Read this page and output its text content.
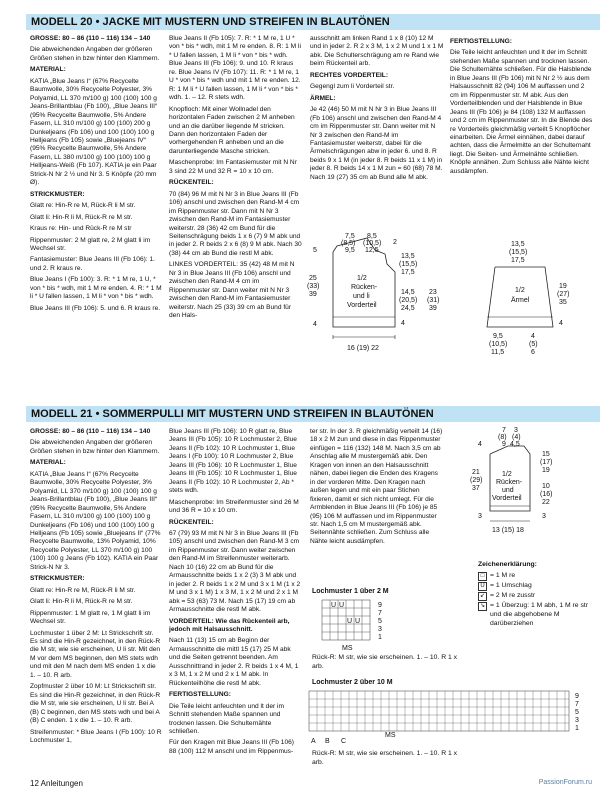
MODELL 20 • JACKE MIT MUSTERN UND STREIFEN IN BLAUTÖNEN

GRÖSSE: 80 – 86 (110 – 116) 134 – 140

Die abweichenden Angaben der größeren Größen stehen in bzw hinter den Klammern.

MATERIAL:

KATIA „Blue Jeans I“ (67% Recycelte Baumwolle, 30% Recycelte Polyester, 3% Polyamid, LL 370 m/100 g) 100 (100) 100 g Jeans-Brillantblau (Fb 100), „Blue Jeans III“ (95% Recycelte Baumwolle, 5% Andere Fasern, LL 310 m/100 g) 100 (100) 200 g Dunkeljeans (Fb 106) und 100 (100) 100 g Helljeans (Fb 105) sowie „Bluejeans IV“ (95% Recycelte Baumwolle, 5% Andere Fasern, LL 380 m/100 g) 100 (100) 100 g Helljeans-Weiß (Fb 107). KATIA je ein Paar Strick-N Nr 2 ½ und Nr 3. 5 Knöpfe (20 mm Ø).

STRICKMUSTER:

Glatt re: Hin-R re M, Rück-R li M str.

Glatt li: Hin-R li M, Rück-R re M str.

Kraus re: Hin- und Rück-R re M str

Rippenmuster: 2 M glatt re, 2 M glatt li im Wechsel str.

Fantasiemuster: Blue Jeans III (Fb 106): 1. und 2. R kraus re.

Blue Jeans I (Fb 100): 3. R: * 1 M re, 1 U, * von * bis * wdh, mit 1 M re enden. 4. R: * 1 M li * U fallen lassen, 1 M li * von * bis * wdh.

Blue Jeans III (Fb 106): 5. und 6. R kraus re.

Blue Jeans II (Fb 105): 7. R: * 1 M re, 1 U * von * bis * wdh, mit 1 M re enden. 8. R: 1 M li * U fallen lassen, 1 M li * von * bis * wdh. Blue Jeans III (Fb 106): 9. und 10. R kraus re. Blue Jeans IV (Fb 107): 11. R: * 1 M re, 1 U * von * bis * wdh und mit 1 M re enden. 12. R: 1 M li * U fallen lassen, 1 M li * von * bis * wdh. 1. – 12. R stets wdh.

Knopfloch: Mit einer Wollnadel den horizontalen Faden zwischen 2 M anheben und an die darüber liegende M stricken. Dann den horizontalen Faden der vorhergehenden R anheben und an die darunterliegende Masche stricken.

Maschenprobe: Im Fantasiemuster mit N Nr 3 sind 22 M und 32 R = 10 x 10 cm.

RÜCKENTEIL:

70 (84) 96 M mit N Nr 3 in Blue Jeans III (Fb 106) anschl und zwischen den Rand-M 4 cm im Rippenmuster str. Dann mit N Nr 3 zwischen den Rand-M im Fantasiemuster weiterstr. 28 (36) 42 cm Bund für die Seitenschrägung beids 1 x 6 (7) 9 M abk und in jeder 2. R beids 2 x 6 (8) 9 M abk. Nach 30 (38) 44 cm ab Bund die restl M abk.

LINKES VORDERTEIL: 35 (42) 48 M mit N Nr 3 in Blue Jeans III (Fb 106) anschl und zwischen den Rand-M 4 cm im Rippenmuster str. Dann weiter mit N Nr 3 zwischen den Rand-M im Fantasiemuster weiterstr. Nach 25 (33) 39 cm ab Bund für den Hals-

ausschnitt am linken Rand 1 x 8 (10) 12 M und in jeder 2. R 2 x 3 M, 1 x 2 M und 1 x 1 M abk. Die Schulterschrägung am re Rand wie beim Rückenteil arb.

RECHTES VORDERTEIL:

Gegengl zum li Vorderteil str.

ÄRMEL:

Je 42 (46) 50 M mit N Nr 3 in Blue Jeans III (Fb 106) anschl und zwischen den Rand-M 4 cm im Rippenmuster str. Dann weiter mit N Nr 3 zwischen den Rand-M im Fantasiemuster weiterstr, dabei für die Ärmelschrägungen abw in jeder 6. und 8. R beids 9 x 1 M (in jeder 8. R beids 11 x 1 M) in jeder 8. R beids 14 x 1 M zun = 60 (68) 78 M. Nach 19 (27) 35 cm ab Bund alle M abk.

FERTIGSTELLUNG:

Die Teile leicht anfeuchten und lt der im Schnitt stehenden Maße spannen und trocknen lassen. Die Schulternähte schließen. Für die Halsblende in Blue Jeans III (Fb 106) mit N Nr 2 ½ aus dem Halsausschnitt 82 (94) 106 M auffassen und 2 cm im Rippenmuster str. M abk. Aus den Vorderteilblenden und der Halsblende in Blue Jeans III (Fb 106) je 84 (108) 132 M auffassen und 2 cm im Rippenmuster str. In die Blende des re Vorderteils gleichmäßig verteilt 5 Knopflöcher einarbeiten. Die Ärmel einnähen, dabei darauf achten, dass die Ärmelmitte an der Schulternaht liegt. Die Seiten- und Ärmelnähte schließen. Knöpfe annähen. Zum Schluss alle Nähte leicht ausdämpfen.

7,5
(8,5)
9,5
8,5
(10,5)
12,5
5
25
(33)
39
4
1/2
Rücken-
und li
Vorderteil
2
13,5
(15,5)
17,5
14,5
(20,5)
24,5
23
(31)
39
4
16 (19) 22
13,5
(15,5)
17,5
1/2
Ärmel
19
(27)
35
4
9,5
(10,5)
11,5
4
(5)
6
MODELL 21 • SOMMERPULLI MIT MUSTERN UND STREIFEN IN BLAUTÖNEN

GRÖSSE: 80 – 86 (110 – 116) 134 – 140

Die abweichenden Angaben der größeren Größen stehen in bzw hinter den Klammern.

MATERIAL:

KATIA „Blue Jeans I“ (67% Recycelte Baumwolle, 30% Recycelte Polyester, 3% Polyamid, LL 370 m/100 g) 100 (100) 100 g Jeans-Brillantblau (Fb 100), „Blue Jeans III“ (95% Recycelte Baumwolle, 5% Andere Fasern, LL 310 m/100 g) 100 (100) 100 g Dunkeljeans (Fb 106) und 100 (100) 100 g Helljeans (Fb 105) sowie „Bluejeans II“ (77% Recycelte Baumwolle, 13% Polyamid, 10% Recycelte Polyester, LL 370 m/100 g) 100 (100) 100 g Jeans (Fb 102). KATIA ein Paar Strick-N Nr 3.

STRICKMUSTER:

Glatt re: Hin-R re M, Rück-R li M str.

Glatt li: Hin-R li M, Rück-R re M str.

Rippenmuster: 1 M glatt re, 1 M glatt li im Wechsel str.

Lochmuster 1 über 2 M: Lt Strickschrift str. Es sind die Hin-R gezeichnet, in den Rück-R die M str, wie sie erscheinen, U li str. Mit den M vor dem MS beginnen, den MS stets wdh und mit den M nach dem MS enden 1 x die 1. – 10. R arb.

Zopfmuster 2 über 10 M: Lt Strickschrift str. Es sind die Hin-R gezeichnet, in den Rück-R die M str, wie sie erscheinen, U li str. Bei A (B) C beginnen, den MS stets wdh und bei A (B) C enden. 1 x die 1. – 10. R arb.

Streifenmuster: * Blue Jeans I (Fb 100): 10 R Lochmuster 1,

Blue Jeans III (Fb 106): 10 R glatt re, Blue Jeans III (Fb 105): 10 R Lochmuster 2, Blue Jeans II (Fb 102): 10 R Lochmuster 1, Blue Jeans I (Fb 100): 10 R Lochmuster 2, Blue Jeans III (Fb 106): 10 R Lochmuster 1, Blue Jeans III (Fb 105): 10 R Lochmuster 1, Blue Jeans II (Fb 102): 10 R Lochmuster 2, Ab * stets wdh.

Maschenprobe: Im Streifenmuster sind 26 M und 36 R = 10 x 10 cm.

RÜCKENTEIL:

67 (79) 93 M mit N Nr 3 in Blue Jeans III (Fb 105) anschl und zwischen den Rand-M 3 cm im Rippenmuster str. Dann weiter zwischen den Rand-M im Streifenmuster weiterarb. Nach 10 (16) 22 cm ab Bund für die Armausschnitte beids 1 x 2 (3) 3 M abk und in jeder 2. R beids 1 x 2 M und 3 x 1 M (1 x 2 M und 3 x 1 M) 1 x 3 M, 1 x 2 M und 2 x 1 M abk = 53 (63) 73 M. Nach 15 (17) 19 cm ab Armausschnitte die restl M abk.

VORDERTEIL: Wie das Rückenteil arb, jedoch mit Halsausschnitt.

Nach 11 (13) 15 cm ab Beginn der Armausschnitte die mittl 15 (17) 25 M abk und die Seiten getrennt beenden. Am Ausschnittrand in jeder 2. R beids 1 x 4 M, 1 x 3 M, 1 x 2 M und 2 x 1 M abk. In Rückenteilhöhe die restl M abk.

FERTIGSTELLUNG:

Die Teile leicht anfeuchten und lt der im Schnitt stehenden Maße spannen und trocknen lassen. Die Schulternähte schließen.

Für den Kragen mit Blue Jeans III (Fb 106) 88 (100) 112 M anschl und im Rippenmus-

ter str. In der 3. R gleichmäßig verteilt 14 (16) 18 x 2 M zun und diese in das Rippenmuster einfügen = 116 (132) 148 M. Nach 3,5 cm ab Anschlag alle M mustergemäß abk. Den Kragen von innen an den Halsausschnitt nähen, dabei liegen die Enden des Kragens in der vorderen Mitte. Den Kragen nach außen legen und mit ein paar Stichen fixieren, damit er sich nicht umlegt. Für die Armblenden in Blue Jeans III (Fb 106) je 85 (95) 106 M auffassen und im Rippenmuster str. Nach 1,5 cm M mustergemäß abk. Seitennähte schließen. Zum Schluss alle Nähte leicht ausdämpfen.

7
(8)
9
3
(4)
4,5
4
15
(17)
19
21
(29)
37
1/2
Rücken-
und
Vorderteil
10
(16)
22
3	3
13 (15) 18
Lochmuster 1 über 2 M
U U
U U
9
7
5
3
1
MS
Rück-R: M str, wie sie erscheinen. 1. – 10. R 1 x arb.
Lochmuster 2 über 10 M
9
7
5
3
1
A B C
MS
Rück-R: M str, wie sie erscheinen. 1. – 10. R 1 x arb.
Zeichenerklärung:
□ = 1 M re
U = 1 Umschlag
↙ = 2 M re zusstr
↘ = 1 Überzug: 1 M abh, 1 M re str und die abgehobene M darüberziehen
12 Anleitungen	PassionForum.ru
